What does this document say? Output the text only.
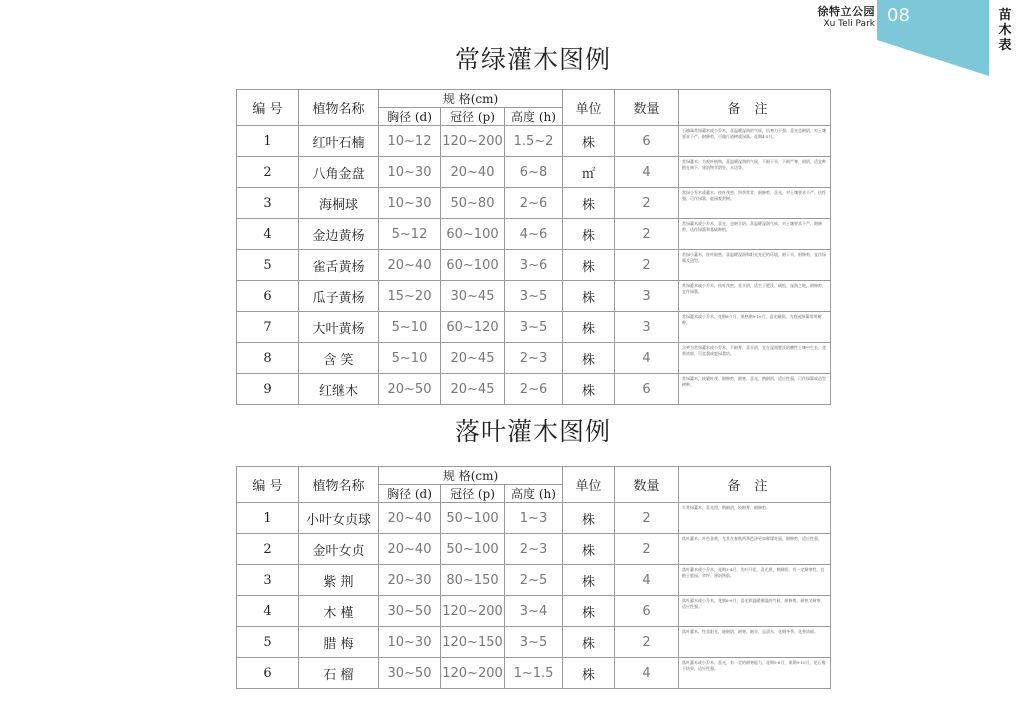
徐特立公园
Xu Teli Park 08	苗木表
常绿灌木图例
编 号	植物名称	规 格(cm)			单位	数量	备注
		胸径 (d)	冠径 (p)	高度 (h)			
1	红叶石楠	10~12	120~200	1.5~2	株	6	石楠属常绿灌木或小乔木，喜温暖湿润的气候，抗寒力不强，喜光也耐阴，对土壤要求不严，耐修剪，可做行道树或绿篱，花期4-5月。

2	八角金盘	10~30	20~40	6~8	㎡	4	常绿灌木，为观叶植物，喜温暖湿润的气候，不耐干旱，不耐严寒，耐阴，适宜种植在林下、建筑物背阴处、水边等。

3	海桐球	10~30	50~80	2~6	株	2	常绿小乔木或灌木，枝叶茂密，四季常青，耐修剪，喜光，对土壤要求不严，抗性强，可作绿篱、庭园观赏树。

4	金边黄杨	5~12	60~100	4~6	株	2	常绿灌木或小乔木，喜光，也耐半阴，喜温暖湿润气候，对土壤要求不严，耐修剪，适作绿篱和基础种植。

5	雀舌黄杨	20~40	60~100	3~6	株	2	常绿小灌木，枝叶细密，喜温暖湿润和阳光充足的环境，耐干旱，耐修剪，宜作绿篱及造型。

6	瓜子黄杨	15~20	30~45	3~5	株	3	常绿灌木或小乔木，枝叶茂密，喜半阴，适生于肥沃、疏松、湿润之地，耐修剪，宜作绿篱。

7	大叶黄杨	5~10	60~120	3~5	株	3	常绿灌木或小乔木，花期6-7月，果熟期9-10月，喜光耐阴，为庭园绿篱常用树种。

8	含 笑	5~10	20~45	2~3	株	4	含笑为常绿灌木或小乔木，不耐寒，喜半阴，宜在湿润肥沃的酸性土壤中生长，花香浓郁，可盆栽或庭园栽培。

9	红继木	20~50	20~45	2~6	株	6	常绿灌木，枝繁叶茂，耐修剪，耐寒，喜光，稍耐阴，适应性强，可作绿篱或造型树种。
落叶灌木图例
编 号	植物名称	规 格(cm)			单位	数量	备注
		胸径 (d)	冠径 (p)	高度 (h)			
1	小叶女贞球	20~40	50~100	1~3	株	2	半常绿灌木，喜光照，稍耐阴，较耐寒，耐修剪。

2	金叶女贞	20~40	50~100	2~3	株	2	落叶灌木，叶色金黄，尤其在春秋两季色泽更加璀璨亮丽，耐修剪，适应性强。

3	紫 荆	20~30	80~150	2~5	株	4	落叶灌木或小乔木，花期3-4月，先叶开花，喜光照，稍耐阴，有一定耐寒性，宜植于庭园、草坪、建筑物前。

4	木 槿	30~50	120~200	3~4	株	6	落叶灌木或小乔木，花期6-9月，喜光和温暖潮湿的气候，耐修剪，耐热又耐寒，适应性强。

5	腊 梅	10~30	120~150	3~5	株	2	落叶灌木，性喜阳光，能耐阴、耐寒、耐旱，忌渍水，花期冬季，花香浓郁。

6	石 榴	30~50	120~200	1~1.5	株	4	落叶灌木或小乔木，喜光，有一定的耐寒能力，花期5-6月，果期9-10月，花石榴不结果，适应性强。
